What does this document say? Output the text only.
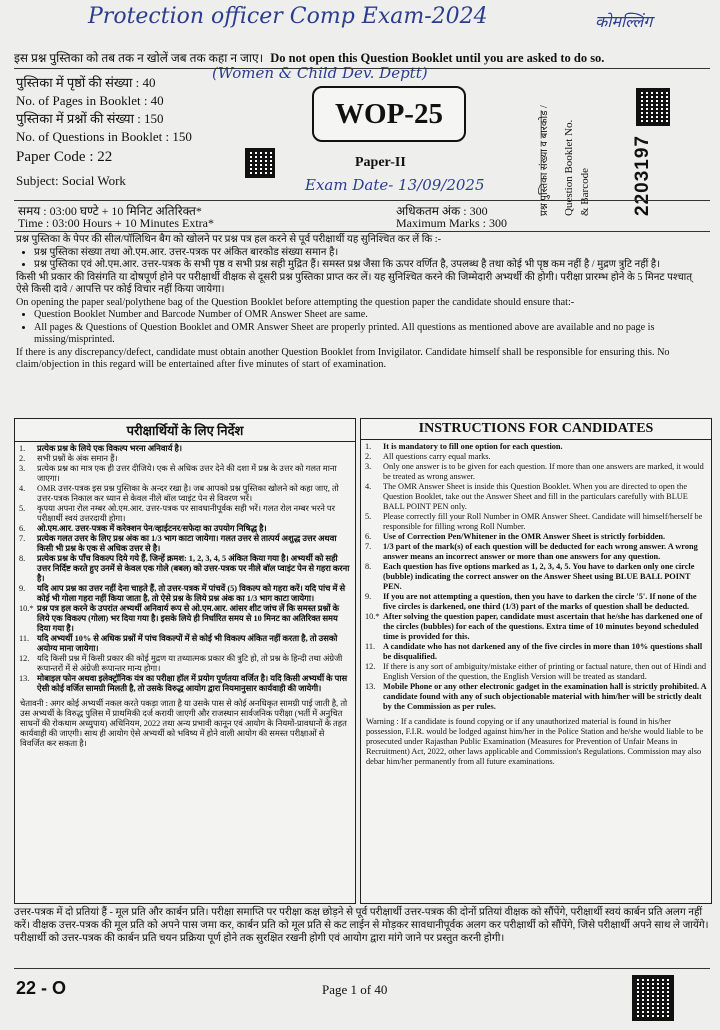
Protection officer Comp Exam-2024	कोमल्लिंग
(Women & Child Dev. Deptt)
Exam Date- 13/09/2025
इस प्रश्न पुस्तिका को तब तक न खोलें जब तक कहा न जाए। Do not open this Question Booklet until you are asked to do so.
पुस्तिका में पृष्ठों की संख्या : 40
No. of Pages in Booklet : 40
पुस्तिका में प्रश्नों की संख्या : 150
No. of Questions in Booklet : 150
Paper Code : 22
Subject: Social Work
WOP-25
Paper-II	प्रश्न पुस्तिका संख्या व बारकोड / Question Booklet No. & Barcode 2203197
समय : 03:00 घण्टे + 10 मिनिट अतिरिक्त*
Time : 03:00 Hours + 10 Minutes Extra*
अधिकतम अंक : 300
Maximum Marks : 300
प्रश्न पुस्तिका के पेपर की सील/पॉलिथिन बैग को खोलने पर प्रश्न पत्र हल करने से पूर्व परीक्षार्थी यह सुनिश्चित कर लें कि :-
• प्रश्न पुस्तिका संख्या तथा ओ.एम.आर. उत्तर-पत्रक पर अंकित बारकोड संख्या समान है।
• प्रश्न पुस्तिका एवं ओ.एम.आर. उत्तर-पत्रक के सभी पृष्ठ व सभी प्रश्न सही मुद्रित हैं। समस्त प्रश्न जैसा कि ऊपर वर्णित है, उपलब्ध है तथा कोई भी पृष्ठ कम नहीं है / मुद्रण त्रुटि नहीं है।
किसी भी प्रकार की विसंगति या दोषपूर्ण होने पर परीक्षार्थी वीक्षक से दूसरी प्रश्न पुस्तिका प्राप्त कर लें। यह सुनिश्चित करने की जिम्मेदारी अभ्यर्थी की होगी। परीक्षा प्रारम्भ होने के 5 मिनट पश्चात् ऐसे किसी दावे / आपत्ति पर कोई विचार नहीं किया जायेगा।
On opening the paper seal/polythene bag of the Question Booklet before attempting the question paper the candidate should ensure that:-
• Question Booklet Number and Barcode Number of OMR Answer Sheet are same.
• All pages & Questions of Question Booklet and OMR Answer Sheet are properly printed. All questions as mentioned above are available and no page is missing/misprinted.
If there is any discrepancy/defect, candidate must obtain another Question Booklet from Invigilator. Candidate himself shall be responsible for ensuring this. No claim/objection in this regard will be entertained after five minutes of start of examination.
परीक्षार्थियों के लिए निर्देश
1.	प्रत्येक प्रश्न के लिये एक विकल्प भरना अनिवार्य है।
2.	सभी प्रश्नों के अंक समान हैं।
3.	प्रत्येक प्रश्न का मात्र एक ही उत्तर दीजिये। एक से अधिक उत्तर देने की दशा में प्रश्न के उत्तर को गलत माना जाएगा।
4.	OMR उत्तर-पत्रक इस प्रश्न पुस्तिका के अन्दर रखा है। जब आपको प्रश्न पुस्तिका खोलने को कहा जाए, तो उत्तर-पत्रक निकाल कर ध्यान से केवल नीले बॉल प्वाइंट पेन से विवरण भरें।
5.	कृपया अपना रोल नम्बर ओ.एम.आर. उत्तर-पत्रक पर सावधानीपूर्वक सही भरें। गलत रोल नम्बर भरने पर परीक्षार्थी स्वयं उत्तरदायी होगा।
6.	ओ.एम.आर. उत्तर-पत्रक में करेक्शन पेन/व्हाईटनर/सफेदा का उपयोग निषिद्ध है।
7.	प्रत्येक गलत उत्तर के लिए प्रश्न अंक का 1/3 भाग काटा जायेगा। गलत उत्तर से तात्पर्य अशुद्ध उत्तर अथवा किसी भी प्रश्न के एक से अधिक उत्तर से है।
8.	प्रत्येक प्रश्न के पाँच विकल्प दिये गये हैं, जिन्हें क्रमश: 1, 2, 3, 4, 5 अंकित किया गया है। अभ्यर्थी को सही उत्तर निर्दिष्ट करते हुए उनमें से केवल एक गोले (बबल) को उत्तर-पत्रक पर नीले बॉल प्वाइंट पेन से गहरा करना है।
9.	यदि आप प्रश्न का उत्तर नहीं देना चाहते हैं, तो उत्तर-पत्रक में पांचवें (5) विकल्प को गहरा करें। यदि पांच में से कोई भी गोला गहरा नहीं किया जाता है, तो ऐसे प्रश्न के लिये प्रश्न अंक का 1/3 भाग काटा जायेगा।
10.* प्रश्न पत्र हल करने के उपरांत अभ्यर्थी अनिवार्य रूप से ओ.एम.आर. आंसर शीट जांच लें कि समस्त प्रश्नों के लिये एक विकल्प (गोला) भर दिया गया है। इसके लिये ही निर्धारित समय से 10 मिनट का अतिरिक्त समय दिया गया है।
11. यदि अभ्यर्थी 10% से अधिक प्रश्नों में पांच विकल्पों में से कोई भी विकल्प अंकित नहीं करता है, तो उसको अयोग्य माना जायेगा।
12. यदि किसी प्रश्न में किसी प्रकार की कोई मुद्रण या तथ्यात्मक प्रकार की त्रुटि हो, तो प्रश्न के हिन्दी तथा अंग्रेजी रूपान्तरों में से अंग्रेजी रूपान्तर मान्य होगा।
13. मोबाइल फोन अथवा इलेक्ट्रॉनिक यंत्र का परीक्षा हॉल में प्रयोग पूर्णतया वर्जित है। यदि किसी अभ्यर्थी के पास ऐसी कोई वर्जित सामग्री मिलती है, तो उसके विरुद्ध आयोग द्वारा नियमानुसार कार्यवाही की जायेगी।
चेतावनी : अगर कोई अभ्यर्थी नकल करते पकड़ा जाता है या उसके पास से कोई अनधिकृत सामग्री पाई जाती है, तो उस अभ्यर्थी के विरुद्ध पुलिस में प्राथमिकी दर्ज करायी जाएगी और राजस्थान सार्वजनिक परीक्षा (भर्ती में अनुचित साधनों की रोकथाम अध्युपाय) अधिनियम, 2022 तथा अन्य प्रभावी कानून एवं आयोग के नियमों-प्रावधानों के तहत कार्यवाही की जाएगी। साथ ही आयोग ऐसे अभ्यर्थी को भविष्य में होने वाली आयोग की समस्त परीक्षाओं से विवर्जित कर सकता है।
INSTRUCTIONS FOR CANDIDATES
1.	It is mandatory to fill one option for each question.
2.	All questions carry equal marks.
3.	Only one answer is to be given for each question. If more than one answers are marked, it would be treated as wrong answer.
4.	The OMR Answer Sheet is inside this Question Booklet. When you are directed to open the Question Booklet, take out the Answer Sheet and fill in the particulars carefully with BLUE BALL POINT PEN only.
5.	Please correctly fill your Roll Number in OMR Answer Sheet. Candidate will himself/herself be responsible for filling wrong Roll Number.
6.	Use of Correction Pen/Whitener in the OMR Answer Sheet is strictly forbidden.
7.	1/3 part of the mark(s) of each question will be deducted for each wrong answer. A wrong answer means an incorrect answer or more than one answers for any question.
8.	Each question has five options marked as 1, 2, 3, 4, 5. You have to darken only one circle (bubble) indicating the correct answer on the Answer Sheet using BLUE BALL POINT PEN.
9.	If you are not attempting a question, then you have to darken the circle '5'. If none of the five circles is darkened, one third (1/3) part of the marks of question shall be deducted.
10.* After solving the question paper, candidate must ascertain that he/she has darkened one of the circles (bubbles) for each of the questions. Extra time of 10 minutes beyond scheduled time is provided for this.
11. A candidate who has not darkened any of the five circles in more than 10% questions shall be disqualified.
12. If there is any sort of ambiguity/mistake either of printing or factual nature, then out of Hindi and English Version of the question, the English Version will be treated as standard.
13. Mobile Phone or any other electronic gadget in the examination hall is strictly prohibited. A candidate found with any of such objectionable material with him/her will be strictly dealt by the Commission as per rules.
Warning : If a candidate is found copying or if any unauthorized material is found in his/her possession, F.I.R. would be lodged against him/her in the Police Station and he/she would liable to be prosecuted under Rajasthan Public Examination (Measures for Prevention of Unfair Means in Recruitment) Act, 2022, other laws applicable and Commission's Regulations. Commission may also debar him/her permanently from all future examinations.
उत्तर-पत्रक में दो प्रतियां हैं - मूल प्रति और कार्बन प्रति। परीक्षा समाप्ति पर परीक्षा कक्ष छोड़ने से पूर्व परीक्षार्थी उत्तर-पत्रक की दोनों प्रतियां वीक्षक को सौंपेंगे, परीक्षार्थी स्वयं कार्बन प्रति अलग नहीं करें। वीक्षक उत्तर-पत्रक की मूल प्रति को अपने पास जमा कर, कार्बन प्रति को मूल प्रति से कट लाईन से मोड़कर सावधानीपूर्वक अलग कर परीक्षार्थी को सौंपेंगे, जिसे परीक्षार्थी अपने साथ ले जायेंगे। परीक्षार्थी को उत्तर-पत्रक की कार्बन प्रति चयन प्रक्रिया पूर्ण होने तक सुरक्षित रखनी होगी एवं आयोग द्वारा मांगे जाने पर प्रस्तुत करनी होगी।
22 - O	Page 1 of 40
